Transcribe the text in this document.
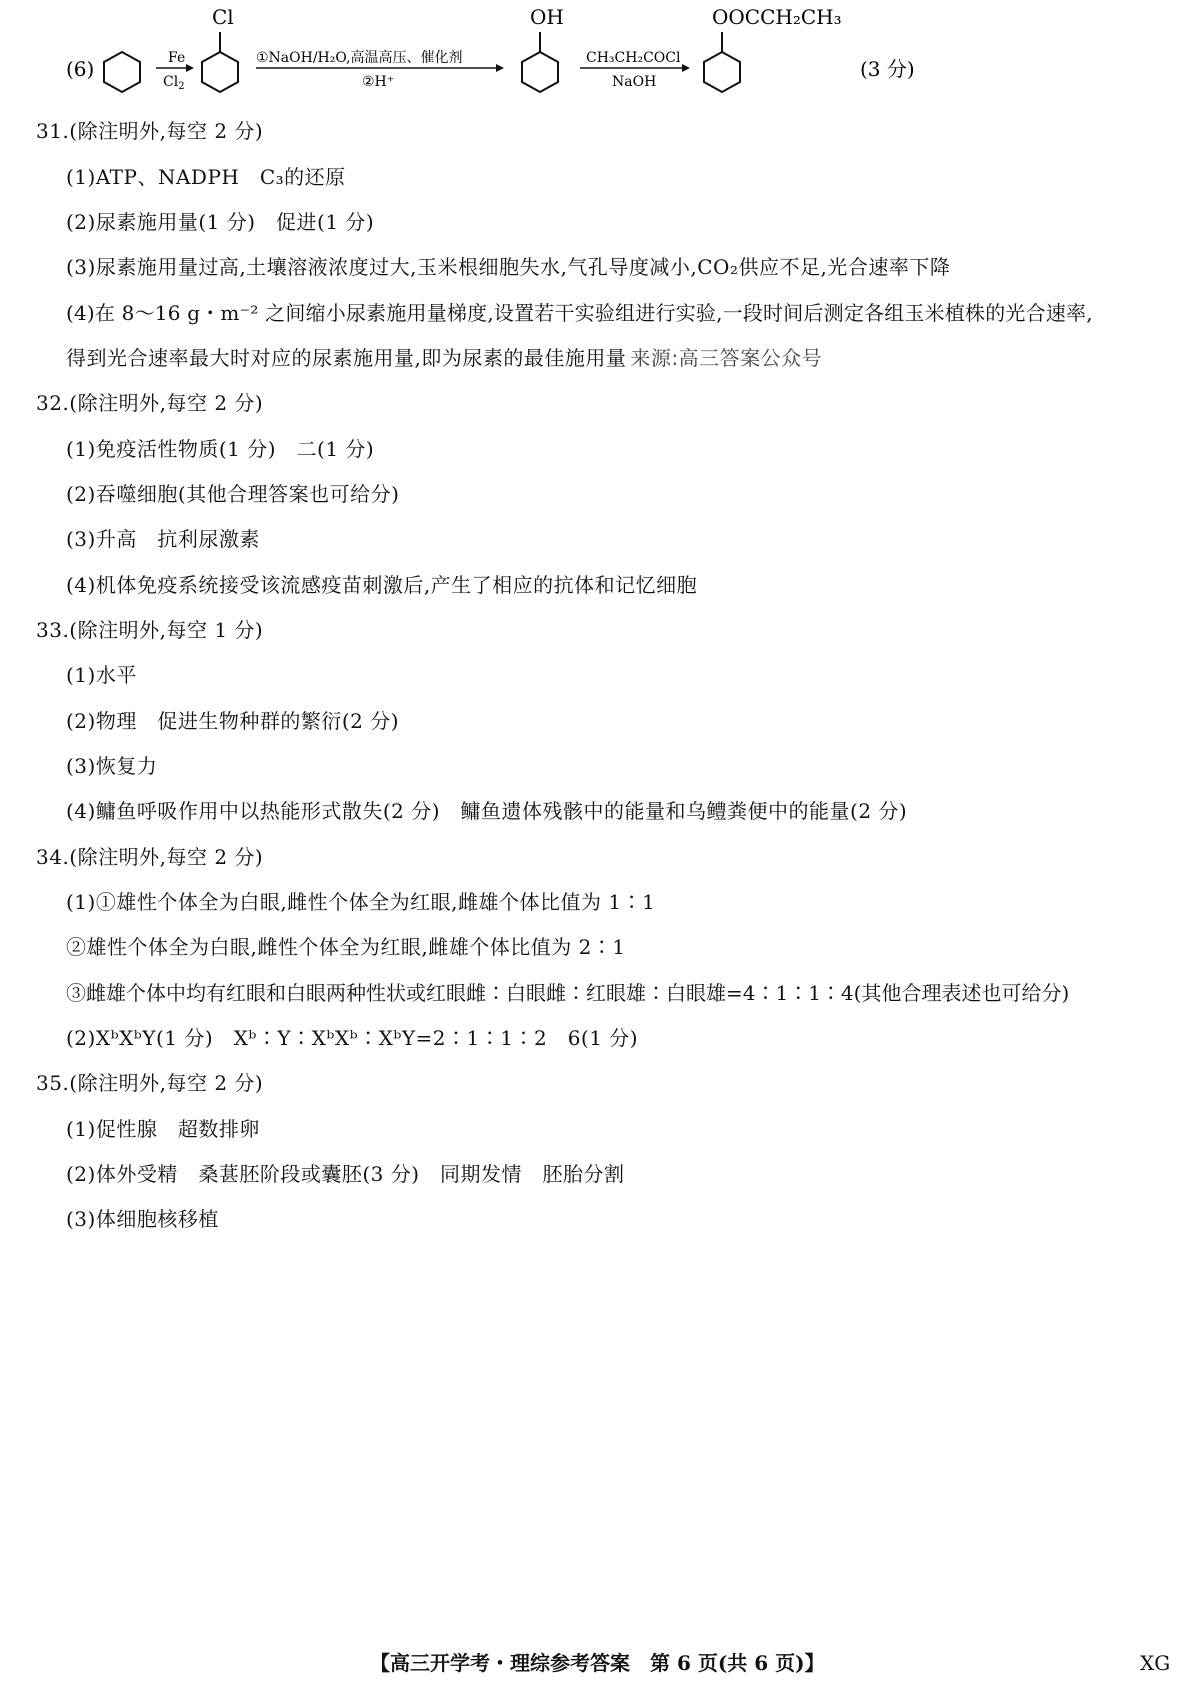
(6)	Fe
$Cl_2$
Cl
①NaOH/H₂O,高温高压、催化剂
②H⁺
OH
CH₃CH₂COCl
NaOH
OOCCH₂CH₃
(3 分)
31.(除注明外,每空 2 分)
(1)ATP、NADPH　C₃的还原
(2)尿素施用量(1 分)　促进(1 分)
(3)尿素施用量过高,土壤溶液浓度过大,玉米根细胞失水,气孔导度减小,CO₂供应不足,光合速率下降
(4)在 8～16 g・m⁻² 之间缩小尿素施用量梯度,设置若干实验组进行实验,一段时间后测定各组玉米植株的光合速率,
得到光合速率最大时对应的尿素施用量,即为尿素的最佳施用量 来源:高三答案公众号
32.(除注明外,每空 2 分)
(1)免疫活性物质(1 分)　二(1 分)
(2)吞噬细胞(其他合理答案也可给分)
(3)升高　抗利尿激素
(4)机体免疫系统接受该流感疫苗刺激后,产生了相应的抗体和记忆细胞
33.(除注明外,每空 1 分)
(1)水平
(2)物理　促进生物种群的繁衍(2 分)
(3)恢复力
(4)鳙鱼呼吸作用中以热能形式散失(2 分)　鳙鱼遗体残骸中的能量和乌鳢粪便中的能量(2 分)
34.(除注明外,每空 2 分)
(1)①雄性个体全为白眼,雌性个体全为红眼,雌雄个体比值为 1∶1
②雄性个体全为白眼,雌性个体全为红眼,雌雄个体比值为 2∶1
③雌雄个体中均有红眼和白眼两种性状或红眼雌∶白眼雌∶红眼雄∶白眼雄=4∶1∶1∶4(其他合理表述也可给分)
(2)XᵇXᵇY(1 分)　Xᵇ∶Y∶XᵇXᵇ∶XᵇY=2∶1∶1∶2　6(1 分)
35.(除注明外,每空 2 分)
(1)促性腺　超数排卵
(2)体外受精　桑葚胚阶段或囊胚(3 分)　同期发情　胚胎分割
(3)体细胞核移植
【高三开学考・理综参考答案　第 6 页(共 6 页)】	XG
